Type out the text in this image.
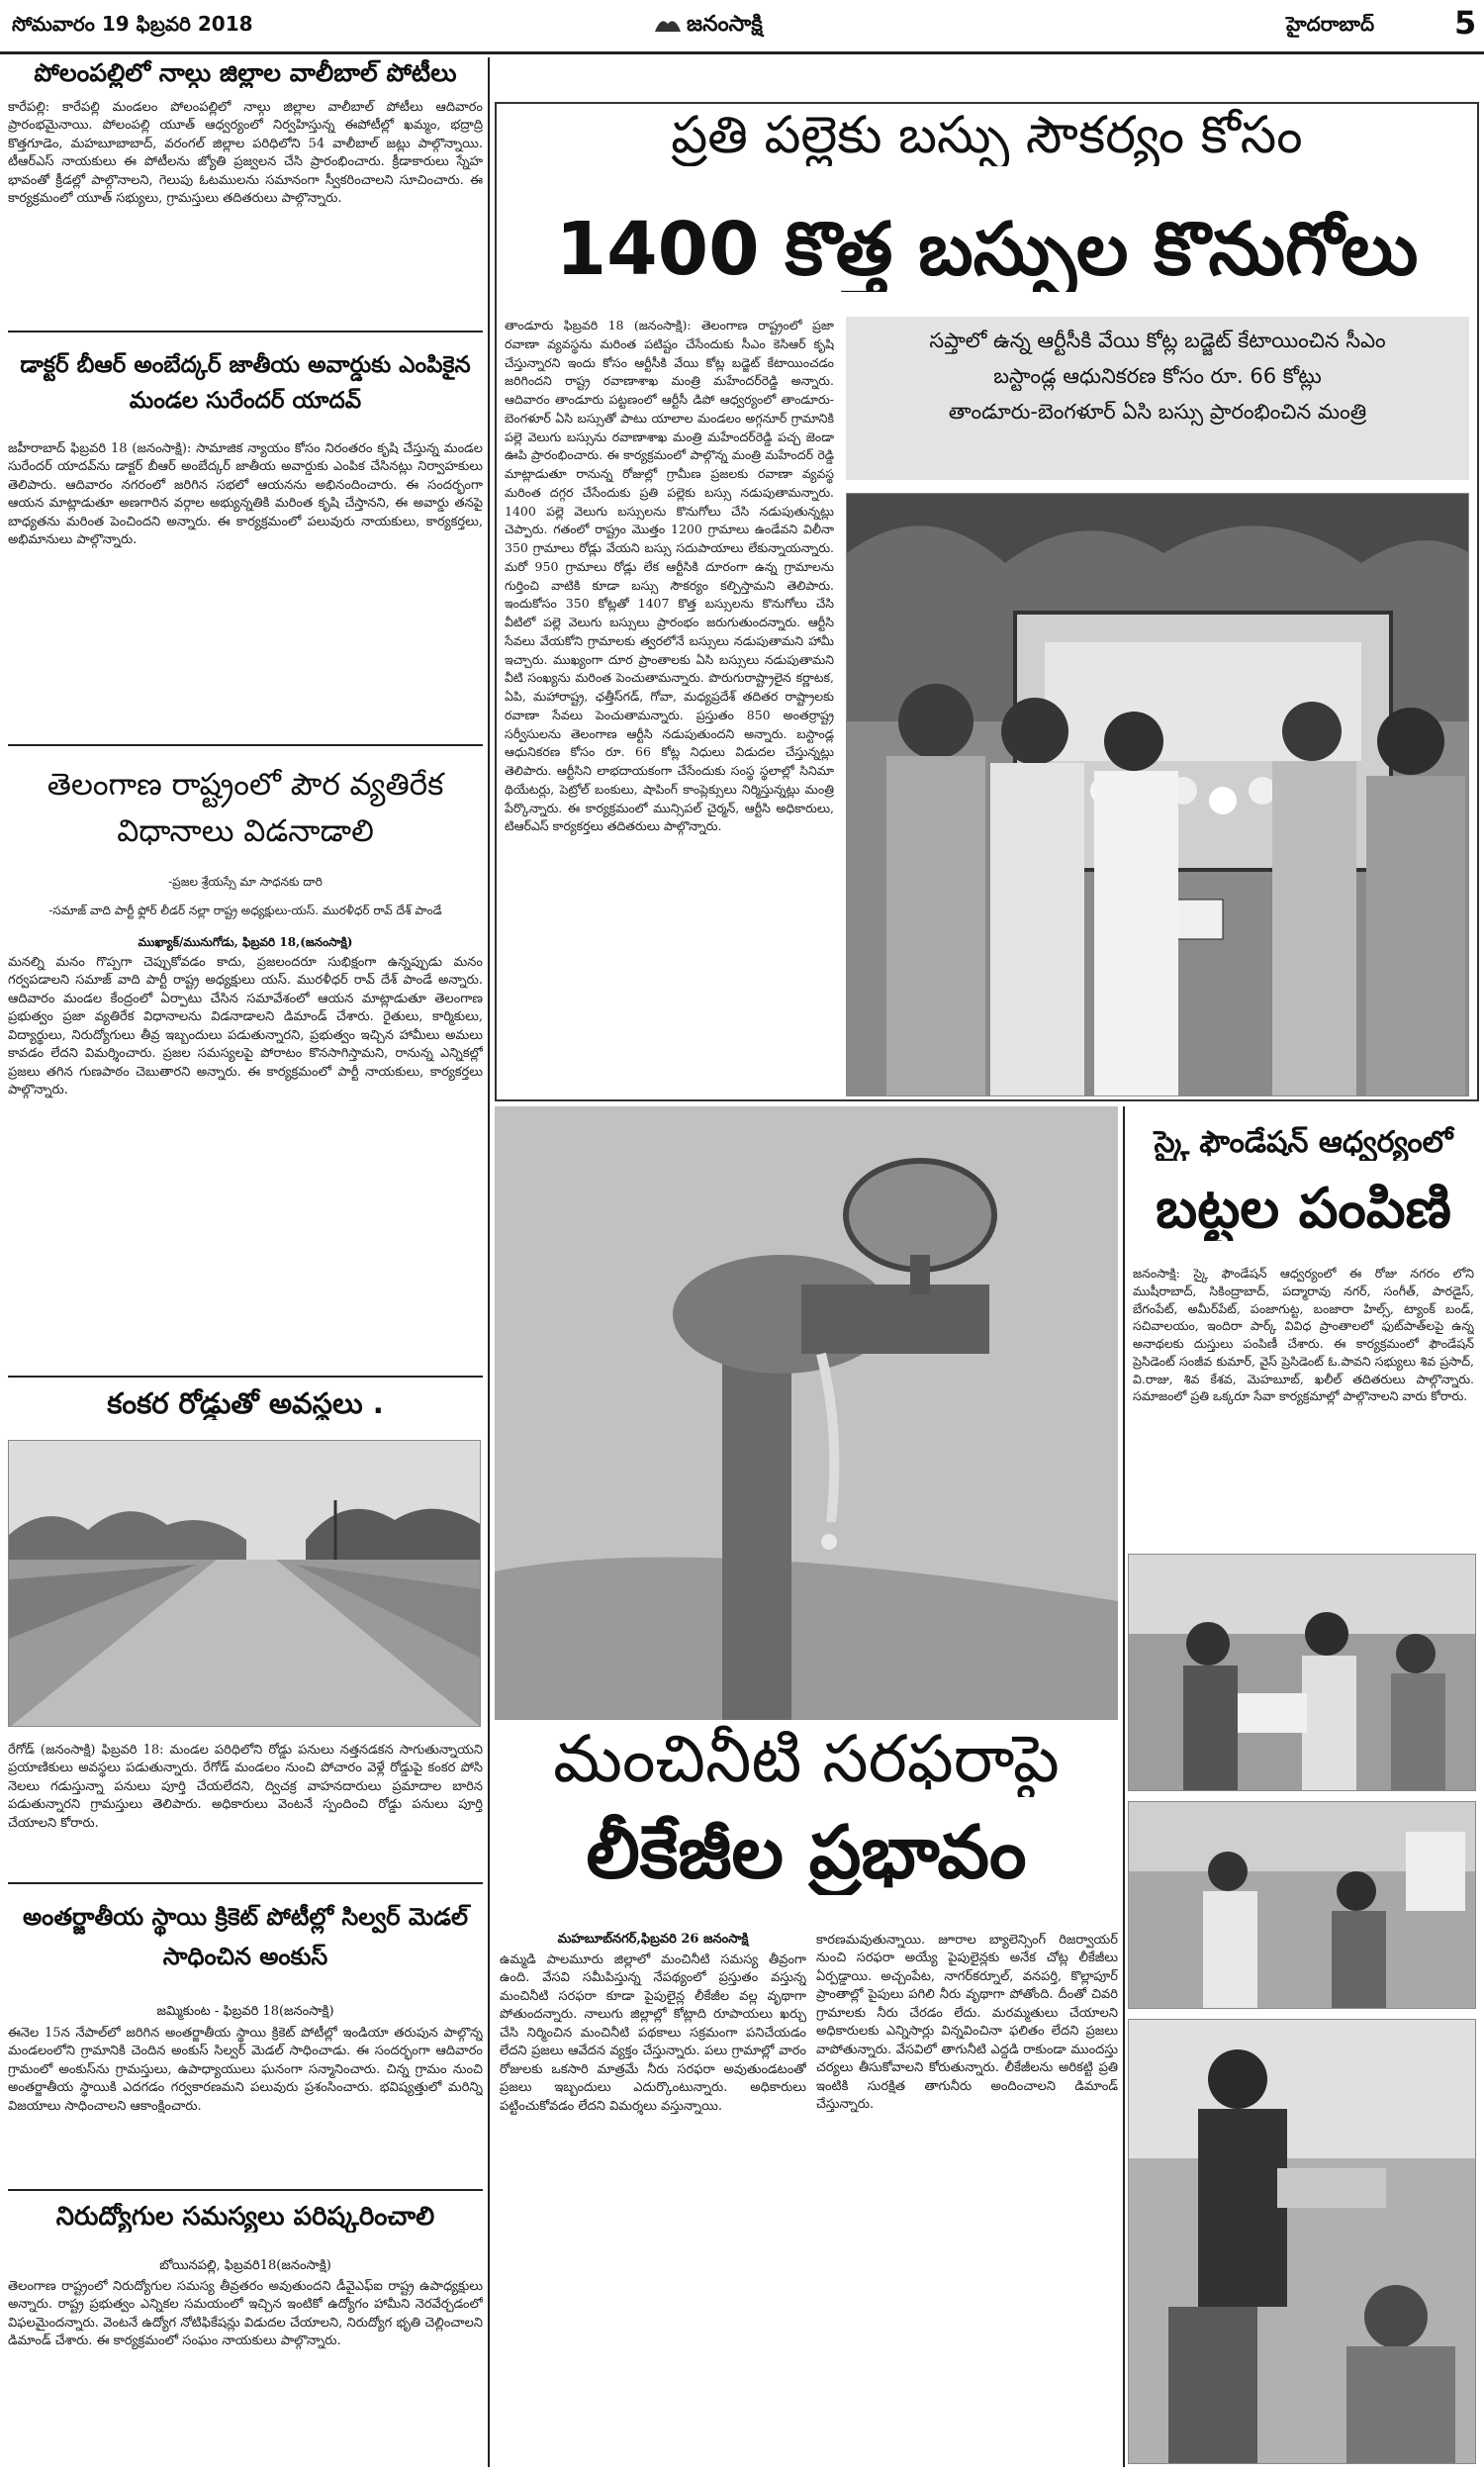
సోమవారం 19 ఫిబ్రవరి 2018	జనంసాక్షి	హైదరాబాద్	5
పోలంపల్లిలో నాల్గు జిల్లాల వాలీబాల్ పోటీలు
కారేపల్లి: కారేపల్లి మండలం పోలంపల్లిలో నాల్గు జిల్లాల వాలీబాల్ పోటీలు ఆదివారం ప్రారంభమైనాయి. పోలంపల్లి యూత్ ఆధ్వర్యంలో నిర్వహిస్తున్న ఈపోటీల్లో ఖమ్మం, భద్రాద్రి కొత్తగూడెం, మహబూబాబాద్, వరంగల్ జిల్లాల పరిధిలోని 54 వాలీబాల్ జట్లు పాల్గొన్నాయి. టీఆర్ఎస్ నాయకులు ఈ పోటీలను జ్యోతి ప్రజ్వలన చేసి ప్రారంభించారు. క్రీడాకారులు స్నేహ భావంతో క్రీడల్లో పాల్గొనాలని, గెలుపు ఓటములను సమానంగా స్వీకరించాలని సూచించారు. ఈ కార్యక్రమంలో యూత్ సభ్యులు, గ్రామస్తులు తదితరులు పాల్గొన్నారు.
డాక్టర్ బీఆర్ అంబేద్కర్ జాతీయ అవార్డుకు ఎంపికైన మండల సురేందర్ యాదవ్
జహీరాబాద్ ఫిబ్రవరి 18 (జనంసాక్షి): సామాజిక న్యాయం కోసం నిరంతరం కృషి చేస్తున్న మండల సురేందర్ యాదవ్‌ను డాక్టర్ బీఆర్ అంబేద్కర్ జాతీయ అవార్డుకు ఎంపిక చేసినట్లు నిర్వాహకులు తెలిపారు. ఆదివారం నగరంలో జరిగిన సభలో ఆయనను అభినందించారు. ఈ సందర్భంగా ఆయన మాట్లాడుతూ అణగారిన వర్గాల అభ్యున్నతికి మరింత కృషి చేస్తానని, ఈ అవార్డు తనపై బాధ్యతను మరింత పెంచిందని అన్నారు. ఈ కార్యక్రమంలో పలువురు నాయకులు, కార్యకర్తలు, అభిమానులు పాల్గొన్నారు.
తెలంగాణ రాష్ట్రంలో పౌర వ్యతిరేక విధానాలు విడనాడాలి
-ప్రజల శ్రేయస్సే మా సాధనకు దారి
-సమాజ్ వాది పార్టీ ఫ్లోర్ లీడర్ నల్లా రాష్ట్ర అధ్యక్షులు-యస్. మురళీధర్ రావ్ దేశ్ పాండే
ముఖ్యాక్/మునుగోడు, ఫిబ్రవరి 18,(జనంసాక్షి)
మనల్ని మనం గొప్పగా చెప్పుకోవడం కాదు, ప్రజలందరూ సుభిక్షంగా ఉన్నప్పుడు మనం గర్వపడాలని సమాజ్ వాది పార్టీ రాష్ట్ర అధ్యక్షులు యస్. మురళీధర్ రావ్ దేశ్ పాండే అన్నారు. ఆదివారం మండల కేంద్రంలో ఏర్పాటు చేసిన సమావేశంలో ఆయన మాట్లాడుతూ తెలంగాణ ప్రభుత్వం ప్రజా వ్యతిరేక విధానాలను విడనాడాలని డిమాండ్ చేశారు. రైతులు, కార్మికులు, విద్యార్థులు, నిరుద్యోగులు తీవ్ర ఇబ్బందులు పడుతున్నారని, ప్రభుత్వం ఇచ్చిన హామీలు అమలు కావడం లేదని విమర్శించారు. ప్రజల సమస్యలపై పోరాటం కొనసాగిస్తామని, రానున్న ఎన్నికల్లో ప్రజలు తగిన గుణపాఠం చెబుతారని అన్నారు. ఈ కార్యక్రమంలో పార్టీ నాయకులు, కార్యకర్తలు పాల్గొన్నారు.
కంకర రోడ్డుతో అవస్థలు .
రేగోడ్ (జనంసాక్షి) ఫిబ్రవరి 18: మండల పరిధిలోని రోడ్డు పనులు నత్తనడకన సాగుతున్నాయని ప్రయాణికులు అవస్థలు పడుతున్నారు. రేగోడ్ మండలం నుంచి పోచారం వెళ్లే రోడ్డుపై కంకర పోసి నెలలు గడుస్తున్నా పనులు పూర్తి చేయలేదని, ద్విచక్ర వాహనదారులు ప్రమాదాల బారిన పడుతున్నారని గ్రామస్తులు తెలిపారు. అధికారులు వెంటనే స్పందించి రోడ్డు పనులు పూర్తి చేయాలని కోరారు.
అంతర్జాతీయ స్థాయి క్రికెట్ పోటీల్లో సిల్వర్ మెడల్ సాధించిన అంకుస్
జమ్మికుంట - ఫిబ్రవరి 18(జనంసాక్షి)
ఈనెల 15న నేపాల్‌లో జరిగిన అంతర్జాతీయ స్థాయి క్రికెట్ పోటీల్లో ఇండియా తరుపున పాల్గొన్న మండలంలోని గ్రామానికి చెందిన అంకుస్ సిల్వర్ మెడల్ సాధించాడు. ఈ సందర్భంగా ఆదివారం గ్రామంలో అంకుస్‌ను గ్రామస్తులు, ఉపాధ్యాయులు ఘనంగా సన్మానించారు. చిన్న గ్రామం నుంచి అంతర్జాతీయ స్థాయికి ఎదగడం గర్వకారణమని పలువురు ప్రశంసించారు. భవిష్యత్తులో మరిన్ని విజయాలు సాధించాలని ఆకాంక్షించారు.
నిరుద్యోగుల సమస్యలు పరిష్కరించాలి
బోయినపల్లి, ఫిబ్రవరి18(జనంసాక్షి)
తెలంగాణ రాష్ట్రంలో నిరుద్యోగుల సమస్య తీవ్రతరం అవుతుందని డీవైఎఫ్ఐ రాష్ట్ర ఉపాధ్యక్షులు అన్నారు. రాష్ట్ర ప్రభుత్వం ఎన్నికల సమయంలో ఇచ్చిన ఇంటికో ఉద్యోగం హామీని నెరవేర్చడంలో విఫలమైందన్నారు. వెంటనే ఉద్యోగ నోటిఫికేషన్లు విడుదల చేయాలని, నిరుద్యోగ భృతి చెల్లించాలని డిమాండ్ చేశారు. ఈ కార్యక్రమంలో సంఘం నాయకులు పాల్గొన్నారు.
ప్రతి పల్లెకు బస్సు సౌకర్యం కోసం
1400 కొత్త బస్సుల కొనుగోలు
తాండూరు ఫిబ్రవరి 18 (జనంసాక్షి): తెలంగాణ రాష్ట్రంలో ప్రజా రవాణా వ్యవస్థను మరింత పటిష్టం చేసేందుకు సీఎం కెసిఆర్ కృషి చేస్తున్నారని ఇందు కోసం ఆర్టీసీకి వేయి కోట్ల బడ్జెట్ కేటాయించడం జరిగిందని రాష్ట్ర రవాణాశాఖ మంత్రి మహేందర్‌రెడ్డి అన్నారు. ఆదివారం తాండూరు పట్టణంలో ఆర్టీసీ డిపో ఆధ్వర్యంలో తాండూరు-బెంగళూర్ ఏసి బస్సుతో పాటు యాలాల మండలం అగ్గనూర్ గ్రామానికి పల్లె వెలుగు బస్సును రవాణాశాఖ మంత్రి మహేందర్‌రెడ్డి పచ్చ జెండా ఊపి ప్రారంభించారు. ఈ కార్యక్రమంలో పాల్గొన్న మంత్రి మహేందర్ రెడ్డి మాట్లాడుతూ రానున్న రోజుల్లో గ్రామీణ ప్రజలకు రవాణా వ్యవస్థ మరింత దగ్గర చేసేందుకు ప్రతి పల్లెకు బస్సు నడుపుతామన్నారు. 1400 పల్లె వెలుగు బస్సులను కొనుగోలు చేసి నడుపుతున్నట్లు చెప్పారు. గతంలో రాష్ట్రం మొత్తం 1200 గ్రామాలు ఉండేవని విలీనా 350 గ్రామాలు రోడ్లు వేయని బస్సు సదుపాయాలు లేకున్నాయన్నారు. మరో 950 గ్రామాలు రోడ్లు లేక ఆర్టీసికి దూరంగా ఉన్న గ్రామాలను గుర్తించి వాటికి కూడా బస్సు సౌకర్యం కల్పిస్తామని తెలిపారు. ఇందుకోసం 350 కోట్లతో 1407 కొత్త బస్సులను కొనుగోలు చేసి వీటిలో పల్లె వెలుగు బస్సులు ప్రారంభం జరుగుతుందన్నారు. ఆర్టీసి సేవలు వేయకోని గ్రామాలకు త్వరలోనే బస్సులు నడుపుతామని హామీ ఇచ్చారు. ముఖ్యంగా దూర ప్రాంతాలకు ఏసి బస్సులు నడుపుతామని వీటి సంఖ్యను మరింత పెంచుతామన్నారు. పొరుగురాష్ట్రాలైన కర్ణాటక, ఏపి, మహారాష్ట్ర, ఛత్తీస్‌గడ్, గోవా, మధ్యప్రదేశ్ తదితర రాష్ట్రాలకు రవాణా సేవలు పెంచుతామన్నారు. ప్రస్తుతం 850 అంతర్రాష్ట్ర సర్వీసులను తెలంగాణ ఆర్టీసి నడుపుతుందని అన్నారు. బస్టాండ్ల ఆధునికరణ కోసం రూ. 66 కోట్ల నిధులు విడుదల చేస్తున్నట్లు తెలిపారు. ఆర్టీసిని లాభదాయకంగా చేసేందుకు సంస్థ స్థలాల్లో సినిమా థియేటర్లు, పెట్రోల్ బంకులు, షాపింగ్ కాంప్లెక్సులు నిర్మిస్తున్నట్లు మంత్రి పేర్కొన్నారు. ఈ కార్యక్రమంలో మున్సిపల్ చైర్మన్, ఆర్టీసి అధికారులు, టిఆర్ఎస్ కార్యకర్తలు తదితరులు పాల్గొన్నారు.
సప్తాలో ఉన్న ఆర్టీసీకి వేయి కోట్ల బడ్జెట్ కేటాయించిన సీఎం
బస్టాండ్ల ఆధునికరణ కోసం రూ. 66 కోట్లు
తాండూరు-బెంగళూర్ ఏసి బస్సు ప్రారంభించిన మంత్రి
మంచినీటి సరఫరాపై
లీకేజీల ప్రభావం
మహబూబ్‌నగర్,ఫిబ్రవరి 26 జనంసాక్షి
ఉమ్మడి పాలమూరు జిల్లాలో మంచినీటి సమస్య తీవ్రంగా ఉంది. వేసవి సమీపిస్తున్న నేపథ్యంలో ప్రస్తుతం వస్తున్న మంచినీటి సరఫరా కూడా పైపులైన్ల లీకేజీల వల్ల వృథాగా పోతుందన్నారు. నాలుగు జిల్లాల్లో కోట్లాది రూపాయలు ఖర్చు చేసి నిర్మించిన మంచినీటి పథకాలు సక్రమంగా పనిచేయడం లేదని ప్రజలు ఆవేదన వ్యక్తం చేస్తున్నారు. పలు గ్రామాల్లో వారం రోజులకు ఒకసారి మాత్రమే నీరు సరఫరా అవుతుండటంతో ప్రజలు ఇబ్బందులు ఎదుర్కొంటున్నారు. అధికారులు పట్టించుకోవడం లేదని విమర్శలు వస్తున్నాయి.
కారణమవుతున్నాయి. జూరాల బ్యాలెన్సింగ్ రిజర్వాయర్ నుంచి సరఫరా అయ్యే పైపులైన్లకు అనేక చోట్ల లీకేజీలు ఏర్పడ్డాయి. అచ్చంపేట, నాగర్‌కర్నూల్, వనపర్తి, కొల్లాపూర్ ప్రాంతాల్లో పైపులు పగిలి నీరు వృథాగా పోతోంది. దీంతో చివరి గ్రామాలకు నీరు చేరడం లేదు. మరమ్మతులు చేయాలని అధికారులకు ఎన్నిసార్లు విన్నవించినా ఫలితం లేదని ప్రజలు వాపోతున్నారు. వేసవిలో తాగునీటి ఎద్దడి రాకుండా ముందస్తు చర్యలు తీసుకోవాలని కోరుతున్నారు. లీకేజీలను అరికట్టి ప్రతి ఇంటికి సురక్షిత తాగునీరు అందించాలని డిమాండ్ చేస్తున్నారు.
స్కై ఫౌండేషన్ ఆధ్వర్యంలో
బట్టల పంపిణి
జనంసాక్షి: స్కై ఫౌండేషన్ ఆధ్వర్యంలో ఈ రోజు నగరం లోని ముషీరాబాద్, సికింద్రాబాద్, పద్మారావు నగర్, సంగీత్, పారడైస్, బేగంపేట్, అమీర్‌పేట్, పంజాగుట్ట, బంజారా హిల్స్, ట్యాంక్ బండ్, సచివాలయం, ఇందిరా పార్క్ వివిధ ప్రాంతాలలో ఫుట్‌పాత్‌లపై ఉన్న అనాథలకు దుస్తులు పంపిణీ చేశారు. ఈ కార్యక్రమంలో ఫౌండేషన్ ప్రెసిడెంట్ సంజీవ కుమార్, వైస్ ప్రెసిడెంట్ ఓ.పావని సభ్యులు శివ ప్రసాద్, వి.రాజు, శివ కేశవ, మెహబూబ్, ఖలీల్ తదితరులు పాల్గొన్నారు. సమాజంలో ప్రతి ఒక్కరూ సేవా కార్యక్రమాల్లో పాల్గొనాలని వారు కోరారు.
